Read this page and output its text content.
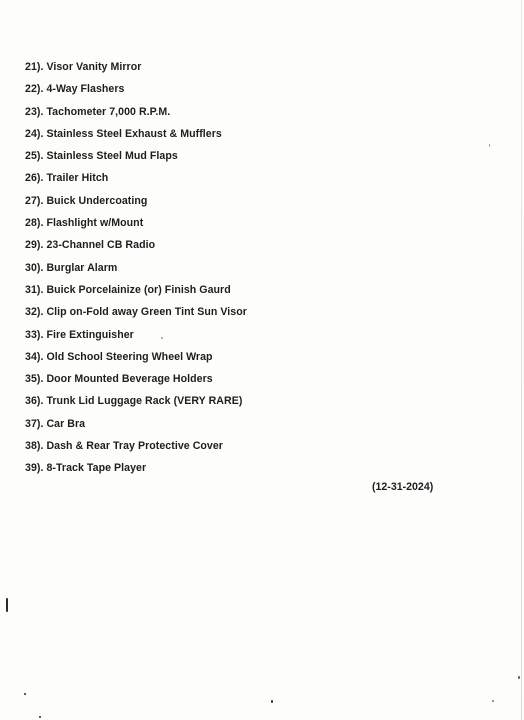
21). Visor Vanity Mirror
22). 4-Way Flashers
23). Tachometer 7,000 R.P.M.
24). Stainless Steel Exhaust & Mufflers
25). Stainless Steel Mud Flaps
26). Trailer Hitch
27). Buick Undercoating
28). Flashlight w/Mount
29). 23-Channel CB Radio
30). Burglar Alarm
31). Buick Porcelainize (or) Finish Gaurd
32). Clip on-Fold away Green Tint Sun Visor
33). Fire Extinguisher
34). Old School Steering Wheel Wrap
35). Door Mounted Beverage Holders
36). Trunk Lid Luggage Rack (VERY RARE)
37). Car Bra
38). Dash & Rear Tray Protective Cover
39). 8-Track Tape Player
(12-31-2024)
